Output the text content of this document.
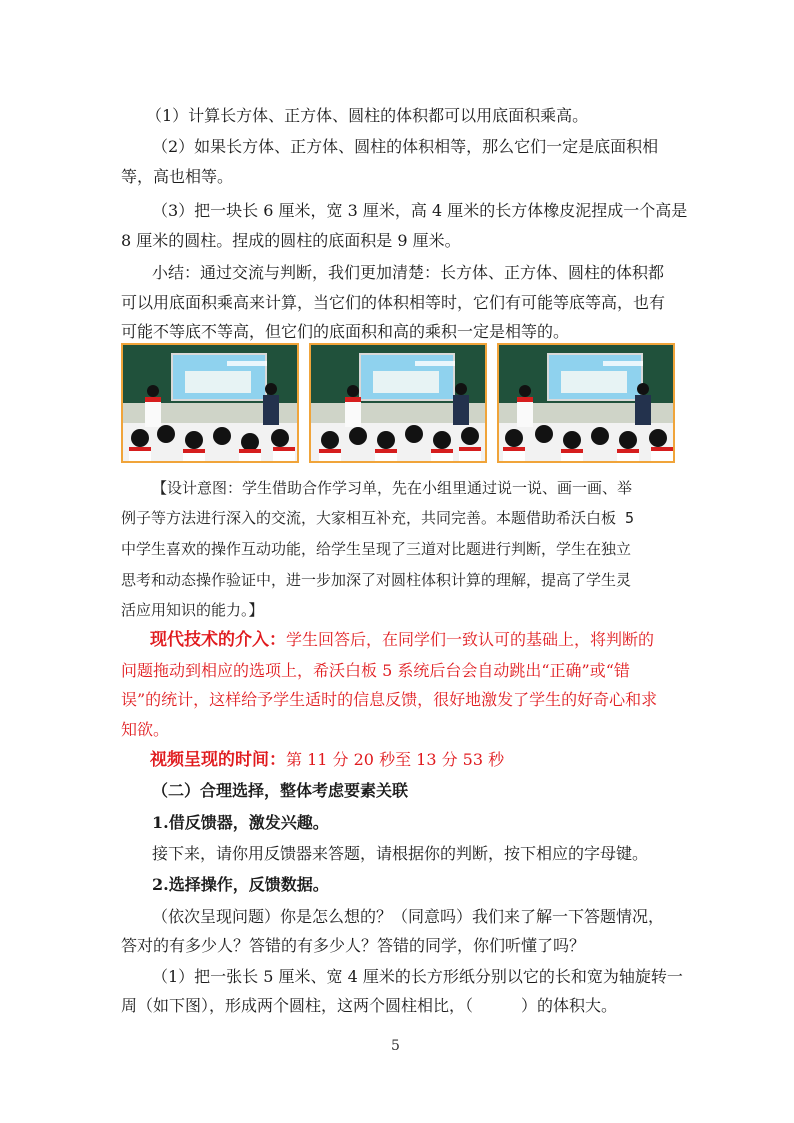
（1）计算长方体、正方体、圆柱的体积都可以用底面积乘高。
（2）如果长方体、正方体、圆柱的体积相等，那么它们一定是底面积相
等，高也相等。
（3）把一块长 6 厘米，宽 3 厘米，高 4 厘米的长方体橡皮泥捏成一个高是
8 厘米的圆柱。捏成的圆柱的底面积是 9 厘米。
小结：通过交流与判断，我们更加清楚：长方体、正方体、圆柱的体积都
可以用底面积乘高来计算，当它们的体积相等时，它们有可能等底等高，也有
可能不等底不等高，但它们的底面积和高的乘积一定是相等的。
【设计意图：学生借助合作学习单，先在小组里通过说一说、画一画、举
例子等方法进行深入的交流，大家相互补充，共同完善。本题借助希沃白板 5
中学生喜欢的操作互动功能，给学生呈现了三道对比题进行判断，学生在独立
思考和动态操作验证中，进一步加深了对圆柱体积计算的理解，提高了学生灵
活应用知识的能力。】
现代技术的介入：学生回答后，在同学们一致认可的基础上，将判断的
问题拖动到相应的选项上，希沃白板 5 系统后台会自动跳出“正确”或“错
误”的统计，这样给予学生适时的信息反馈，很好地激发了学生的好奇心和求
知欲。
视频呈现的时间：第 11 分 20 秒至 13 分 53 秒
（二）合理选择，整体考虑要素关联
1.借反馈器，激发兴趣。
接下来，请你用反馈器来答题，请根据你的判断，按下相应的字母键。
2.选择操作，反馈数据。
（依次呈现问题）你是怎么想的？（同意吗）我们来了解一下答题情况，
答对的有多少人？答错的有多少人？答错的同学，你们听懂了吗？
（1）把一张长 5 厘米、宽 4 厘米的长方形纸分别以它的长和宽为轴旋转一
周（如下图），形成两个圆柱，这两个圆柱相比，（　　　）的体积大。
5
